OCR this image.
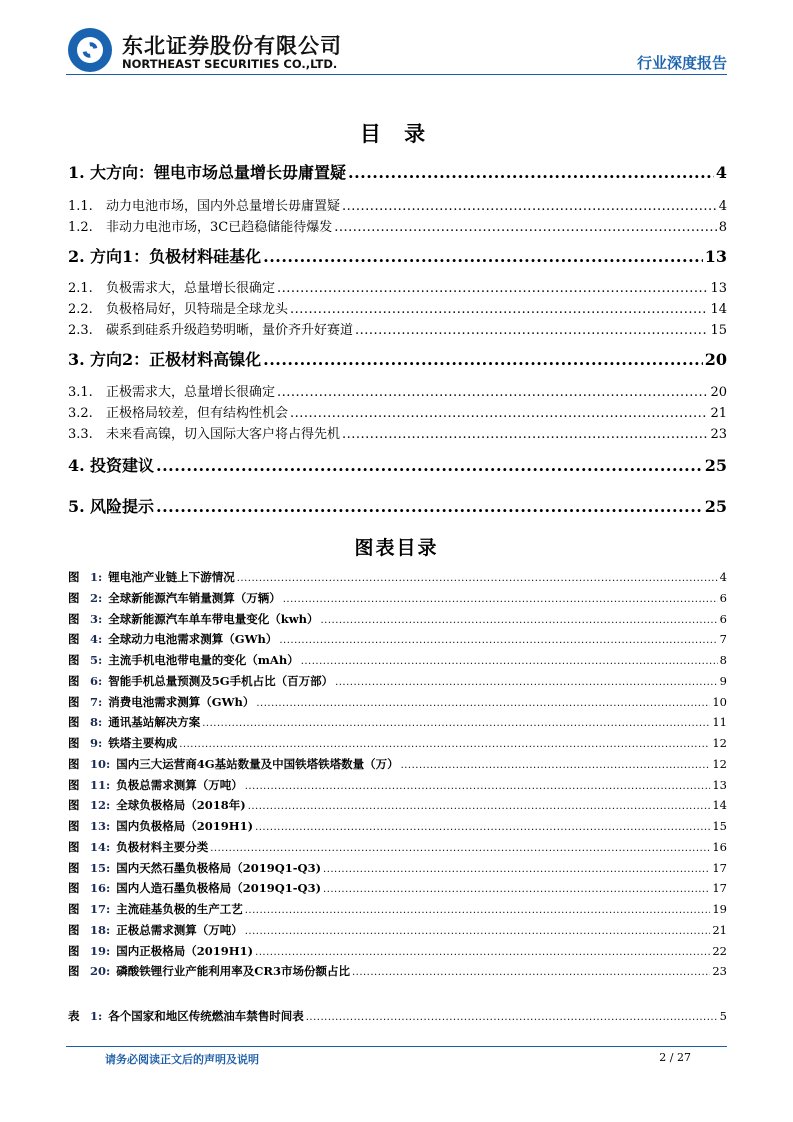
东北证券股份有限公司
NORTHEAST SECURITIES CO.,LTD.	行业深度报告
目 录
1. 大方向：锂电市场总量增长毋庸置疑 .....	4
1.1.	动力电池市场，国内外总量增长毋庸置疑 .....	4
1.2.	非动力电池市场，3C已趋稳储能待爆发 .....	8
2. 方向1：负极材料硅基化 .....	13
2.1.	负极需求大，总量增长很确定 .....	13
2.2.	负极格局好，贝特瑞是全球龙头 .....	14
2.3.	碳系到硅系升级趋势明晰，量价齐升好赛道 .....	15
3. 方向2：正极材料高镍化 .....	20
3.1.	正极需求大，总量增长很确定 .....	20
3.2.	正极格局较差，但有结构性机会 .....	21
3.3.	未来看高镍，切入国际大客户将占得先机 .....	23
4. 投资建议 .....	25
5. 风险提示 .....	25
图表目录
图 1: 锂电池产业链上下游情况 .....	4
图 2: 全球新能源汽车销量测算（万辆） .....	6
图 3: 全球新能源汽车单车带电量变化（kwh） .....	6
图 4: 全球动力电池需求测算（GWh） .....	7
图 5: 主流手机电池带电量的变化（mAh） .....	8
图 6: 智能手机总量预测及5G手机占比（百万部） .....	9
图 7: 消费电池需求测算（GWh） .....	10
图 8: 通讯基站解决方案 .....	11
图 9: 铁塔主要构成 .....	12
图 10: 国内三大运营商4G基站数量及中国铁塔铁塔数量（万） .....	12
图 11: 负极总需求测算（万吨） .....	13
图 12: 全球负极格局（2018年) .....	14
图 13: 国内负极格局（2019H1) .....	15
图 14: 负极材料主要分类 .....	16
图 15: 国内天然石墨负极格局（2019Q1-Q3) .....	17
图 16: 国内人造石墨负极格局（2019Q1-Q3) .....	17
图 17: 主流硅基负极的生产工艺 .....	19
图 18: 正极总需求测算（万吨） .....	21
图 19: 国内正极格局（2019H1) .....	22
图 20: 磷酸铁锂行业产能利用率及CR3市场份额占比 .....	23
表 1: 各个国家和地区传统燃油车禁售时间表 .....	5
请务必阅读正文后的声明及说明	2 / 27
